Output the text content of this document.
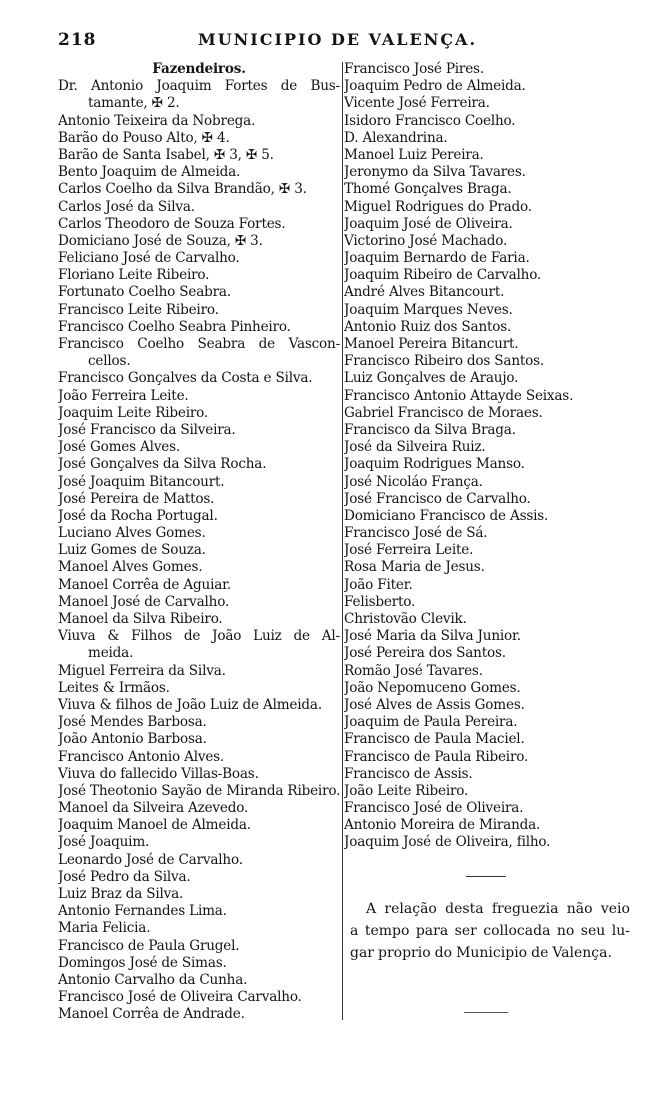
218	MUNICIPIO DE VALENÇA.
Fazendeiros.
Dr. Antonio Joaquim Fortes de Bus-
tamante, ✠ 2.
Antonio Teixeira da Nobrega.
Barão do Pouso Alto, ✠ 4.
Barão de Santa Isabel, ✠ 3, ✠ 5.
Bento Joaquim de Almeida.
Carlos Coelho da Silva Brandão, ✠ 3.
Carlos José da Silva.
Carlos Theodoro de Souza Fortes.
Domiciano José de Souza, ✠ 3.
Feliciano José de Carvalho.
Floriano Leite Ribeiro.
Fortunato Coelho Seabra.
Francisco Leite Ribeiro.
Francisco Coelho Seabra Pinheiro.
Francisco Coelho Seabra de Vascon-
cellos.
Francisco Gonçalves da Costa e Silva.
João Ferreira Leite.
Joaquim Leite Ribeiro.
José Francisco da Silveira.
José Gomes Alves.
José Gonçalves da Silva Rocha.
José Joaquim Bitancourt.
José Pereira de Mattos.
José da Rocha Portugal.
Luciano Alves Gomes.
Luiz Gomes de Souza.
Manoel Alves Gomes.
Manoel Corrêa de Aguiar.
Manoel José de Carvalho.
Manoel da Silva Ribeiro.
Viuva & Filhos de João Luiz de Al-
meida.
Miguel Ferreira da Silva.
Leites & Irmãos.
Viuva & filhos de João Luiz de Almeida.
José Mendes Barbosa.
João Antonio Barbosa.
Francisco Antonio Alves.
Viuva do fallecido Villas-Boas.
José Theotonio Sayão de Miranda Ribeiro.
Manoel da Silveira Azevedo.
Joaquim Manoel de Almeida.
José Joaquim.
Leonardo José de Carvalho.
José Pedro da Silva.
Luiz Braz da Silva.
Antonio Fernandes Lima.
Maria Felicia.
Francisco de Paula Grugel.
Domingos José de Simas.
Antonio Carvalho da Cunha.
Francisco José de Oliveira Carvalho.
Manoel Corrêa de Andrade.
Francisco José Pires.
Joaquim Pedro de Almeida.
Vicente José Ferreira.
Isidoro Francisco Coelho.
D. Alexandrina.
Manoel Luiz Pereira.
Jeronymo da Silva Tavares.
Thomé Gonçalves Braga.
Miguel Rodrigues do Prado.
Joaquim José de Oliveira.
Victorino José Machado.
Joaquim Bernardo de Faria.
Joaquim Ribeiro de Carvalho.
André Alves Bitancourt.
Joaquim Marques Neves.
Antonio Ruiz dos Santos.
Manoel Pereira Bitancurt.
Francisco Ribeiro dos Santos.
Luiz Gonçalves de Araujo.
Francisco Antonio Attayde Seixas.
Gabriel Francisco de Moraes.
Francisco da Silva Braga.
José da Silveira Ruiz.
Joaquim Rodrigues Manso.
José Nicoláo França.
José Francisco de Carvalho.
Domiciano Francisco de Assis.
Francisco José de Sá.
José Ferreira Leite.
Rosa Maria de Jesus.
João Fiter.
Felisberto.
Christovão Clevik.
José Maria da Silva Junior.
José Pereira dos Santos.
Romão José Tavares.
João Nepomuceno Gomes.
José Alves de Assis Gomes.
Joaquim de Paula Pereira.
Francisco de Paula Maciel.
Francisco de Paula Ribeiro.
Francisco de Assis.
João Leite Ribeiro.
Francisco José de Oliveira.
Antonio Moreira de Miranda.
Joaquim José de Oliveira, filho.
A relação desta freguezia não veio
a tempo para ser collocada no seu lu-
gar proprio do Municipio de Valença.
